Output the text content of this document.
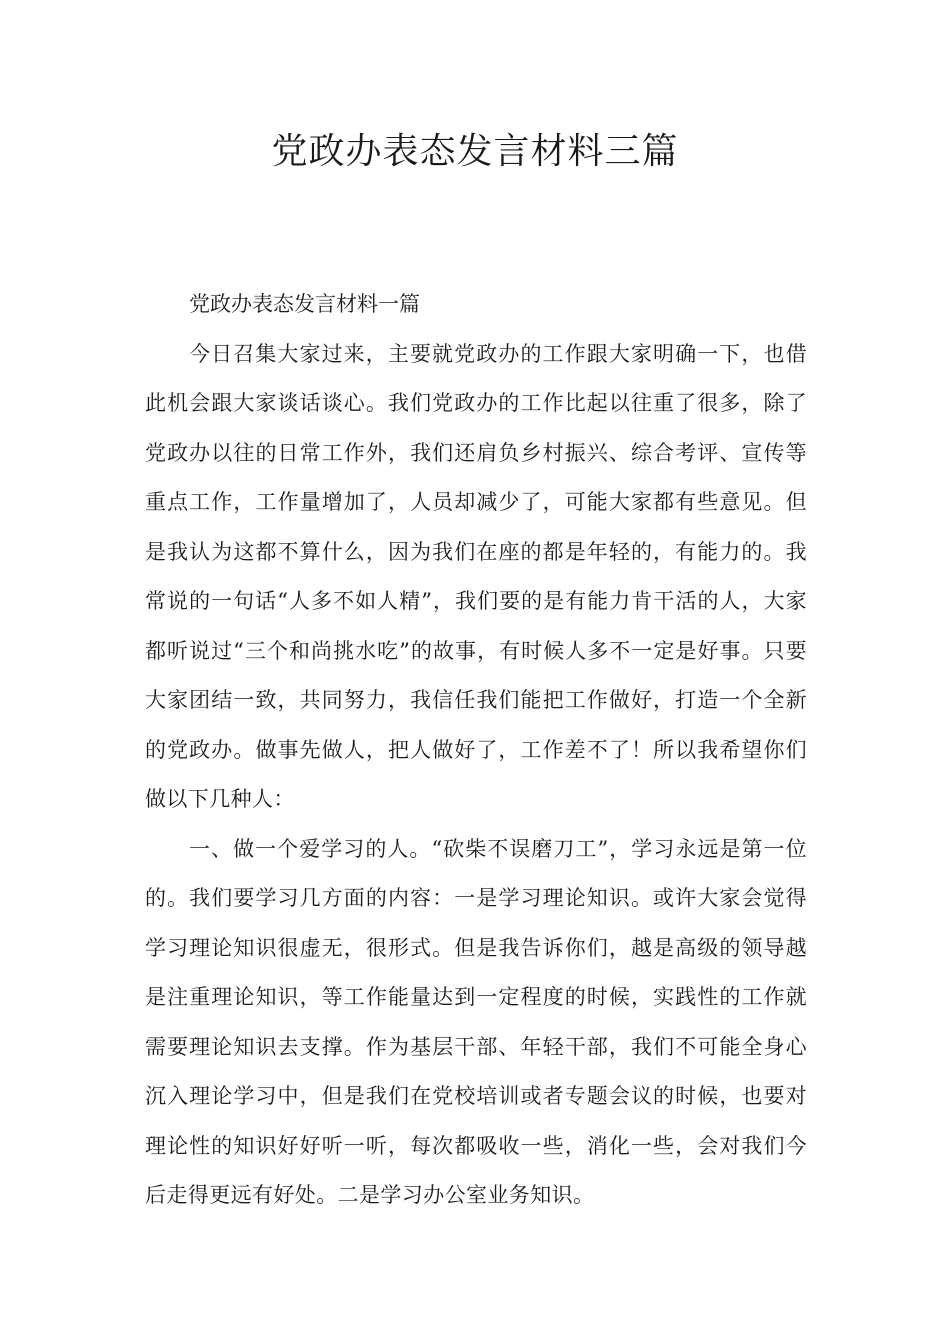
党政办表态发言材料三篇

党政办表态发言材料一篇

今日召集大家过来，主要就党政办的工作跟大家明确一下，也借此机会跟大家谈话谈心。我们党政办的工作比起以往重了很多，除了党政办以往的日常工作外，我们还肩负乡村振兴、综合考评、宣传等重点工作，工作量增加了，人员却减少了，可能大家都有些意见。但是我认为这都不算什么，因为我们在座的都是年轻的，有能力的。我常说的一句话“人多不如人精”，我们要的是有能力肯干活的人，大家都听说过“三个和尚挑水吃”的故事，有时候人多不一定是好事。只要大家团结一致，共同努力，我信任我们能把工作做好，打造一个全新的党政办。做事先做人，把人做好了，工作差不了！所以我希望你们做以下几种人：

一、做一个爱学习的人。“砍柴不误磨刀工”，学习永远是第一位的。我们要学习几方面的内容：一是学习理论知识。或许大家会觉得学习理论知识很虚无，很形式。但是我告诉你们，越是高级的领导越是注重理论知识，等工作能量达到一定程度的时候，实践性的工作就需要理论知识去支撑。作为基层干部、年轻干部，我们不可能全身心沉入理论学习中，但是我们在党校培训或者专题会议的时候，也要对理论性的知识好好听一听，每次都吸收一些，消化一些，会对我们今后走得更远有好处。二是学习办公室业务知识。
